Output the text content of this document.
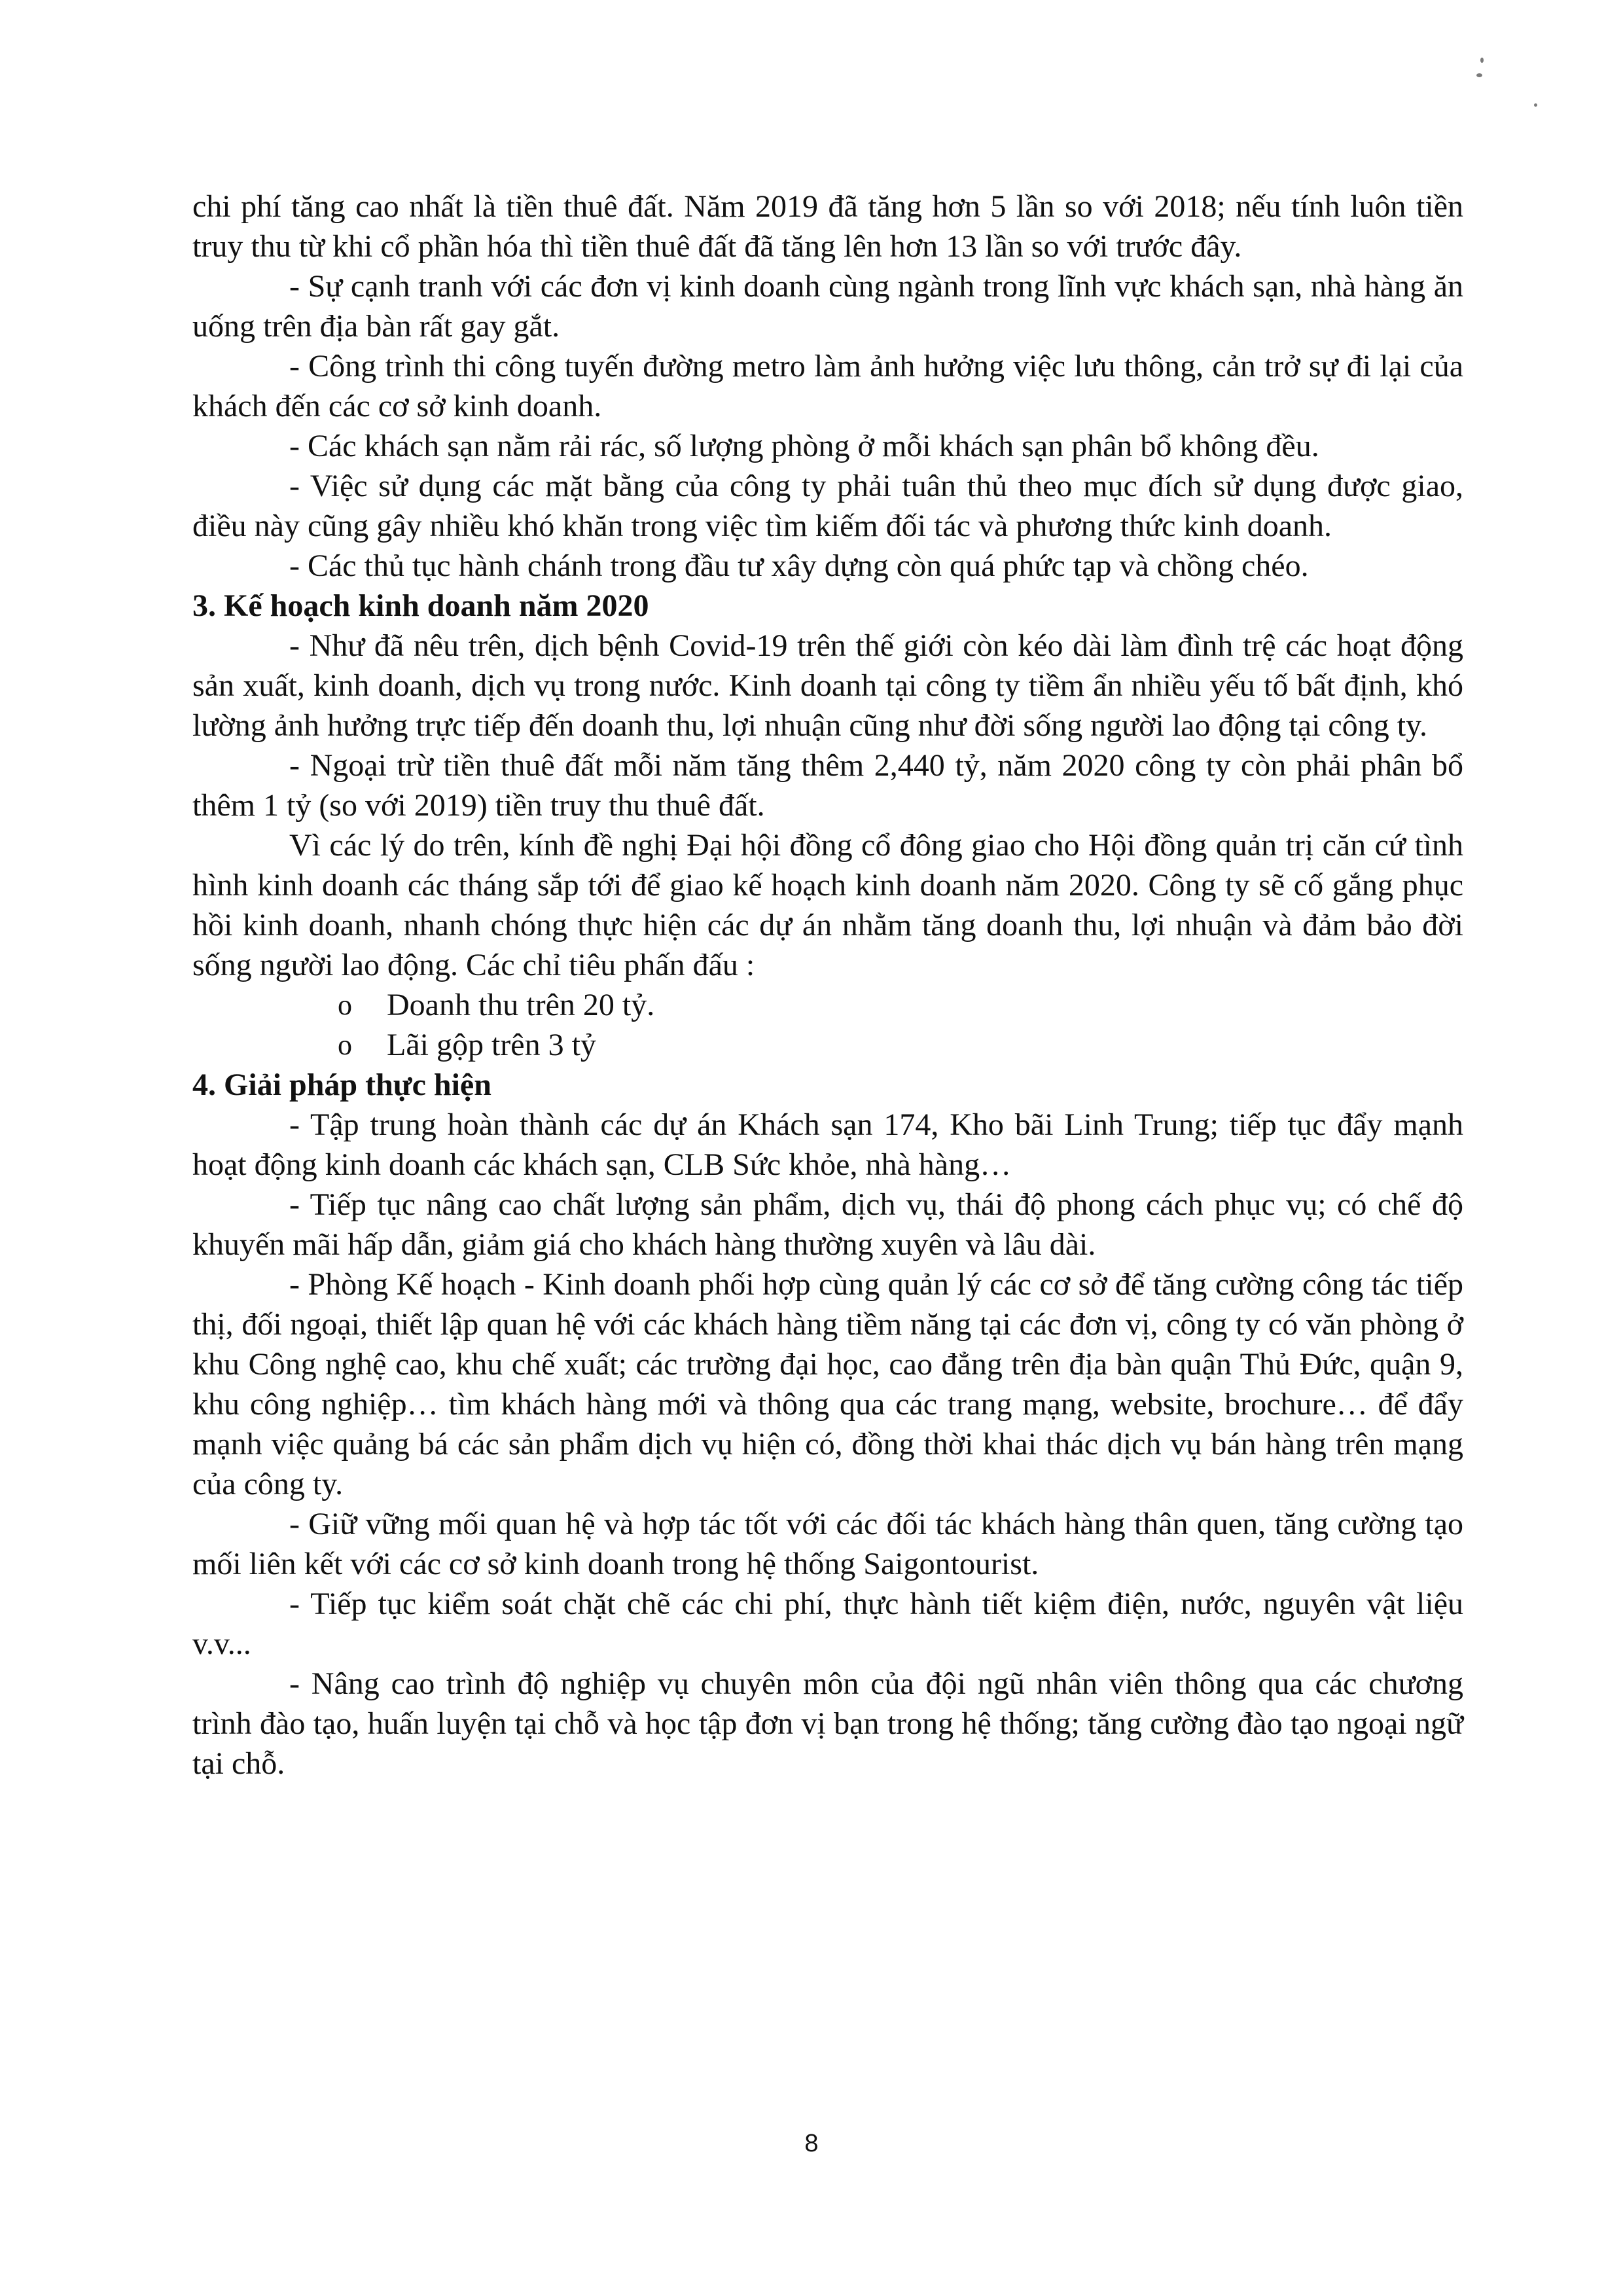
chi phí tăng cao nhất là tiền thuê đất. Năm 2019 đã tăng hơn 5 lần so với 2018; nếu tính luôn tiền truy thu từ khi cổ phần hóa thì tiền thuê đất đã tăng lên hơn 13 lần so với trước đây.

- Sự cạnh tranh với các đơn vị kinh doanh cùng ngành trong lĩnh vực khách sạn, nhà hàng ăn uống trên địa bàn rất gay gắt.

- Công trình thi công tuyến đường metro làm ảnh hưởng việc lưu thông, cản trở sự đi lại của khách đến các cơ sở kinh doanh.

- Các khách sạn nằm rải rác, số lượng phòng ở mỗi khách sạn phân bổ không đều.

- Việc sử dụng các mặt bằng của công ty phải tuân thủ theo mục đích sử dụng được giao, điều này cũng gây nhiều khó khăn trong việc tìm kiếm đối tác và phương thức kinh doanh.

- Các thủ tục hành chánh trong đầu tư xây dựng còn quá phức tạp và chồng chéo.

3. Kế hoạch kinh doanh năm 2020

- Như đã nêu trên, dịch bệnh Covid-19 trên thế giới còn kéo dài làm đình trệ các hoạt động sản xuất, kinh doanh, dịch vụ trong nước. Kinh doanh tại công ty tiềm ẩn nhiều yếu tố bất định, khó lường ảnh hưởng trực tiếp đến doanh thu, lợi nhuận cũng như đời sống người lao động tại công ty.

- Ngoại trừ tiền thuê đất mỗi năm tăng thêm 2,440 tỷ, năm 2020 công ty còn phải phân bổ thêm 1 tỷ (so với 2019) tiền truy thu thuê đất.

Vì các lý do trên, kính đề nghị Đại hội đồng cổ đông giao cho Hội đồng quản trị căn cứ tình hình kinh doanh các tháng sắp tới để giao kế hoạch kinh doanh năm 2020. Công ty sẽ cố gắng phục hồi kinh doanh, nhanh chóng thực hiện các dự án nhằm tăng doanh thu, lợi nhuận và đảm bảo đời sống người lao động. Các chỉ tiêu phấn đấu :

o Doanh thu trên 20 tỷ.
o Lãi gộp trên 3 tỷ
4. Giải pháp thực hiện

- Tập trung hoàn thành các dự án Khách sạn 174, Kho bãi Linh Trung; tiếp tục đẩy mạnh hoạt động kinh doanh các khách sạn, CLB Sức khỏe, nhà hàng…

- Tiếp tục nâng cao chất lượng sản phẩm, dịch vụ, thái độ phong cách phục vụ; có chế độ khuyến mãi hấp dẫn, giảm giá cho khách hàng thường xuyên và lâu dài.

- Phòng Kế hoạch - Kinh doanh phối hợp cùng quản lý các cơ sở để tăng cường công tác tiếp thị, đối ngoại, thiết lập quan hệ với các khách hàng tiềm năng tại các đơn vị, công ty có văn phòng ở khu Công nghệ cao, khu chế xuất; các trường đại học, cao đẳng trên địa bàn quận Thủ Đức, quận 9, khu công nghiệp… tìm khách hàng mới và thông qua các trang mạng, website, brochure… để đẩy mạnh việc quảng bá các sản phẩm dịch vụ hiện có, đồng thời khai thác dịch vụ bán hàng trên mạng của công ty.

- Giữ vững mối quan hệ và hợp tác tốt với các đối tác khách hàng thân quen, tăng cường tạo mối liên kết với các cơ sở kinh doanh trong hệ thống Saigontourist.

- Tiếp tục kiểm soát chặt chẽ các chi phí, thực hành tiết kiệm điện, nước, nguyên vật liệu v.v...

- Nâng cao trình độ nghiệp vụ chuyên môn của đội ngũ nhân viên thông qua các chương trình đào tạo, huấn luyện tại chỗ và học tập đơn vị bạn trong hệ thống; tăng cường đào tạo ngoại ngữ tại chỗ.

8
